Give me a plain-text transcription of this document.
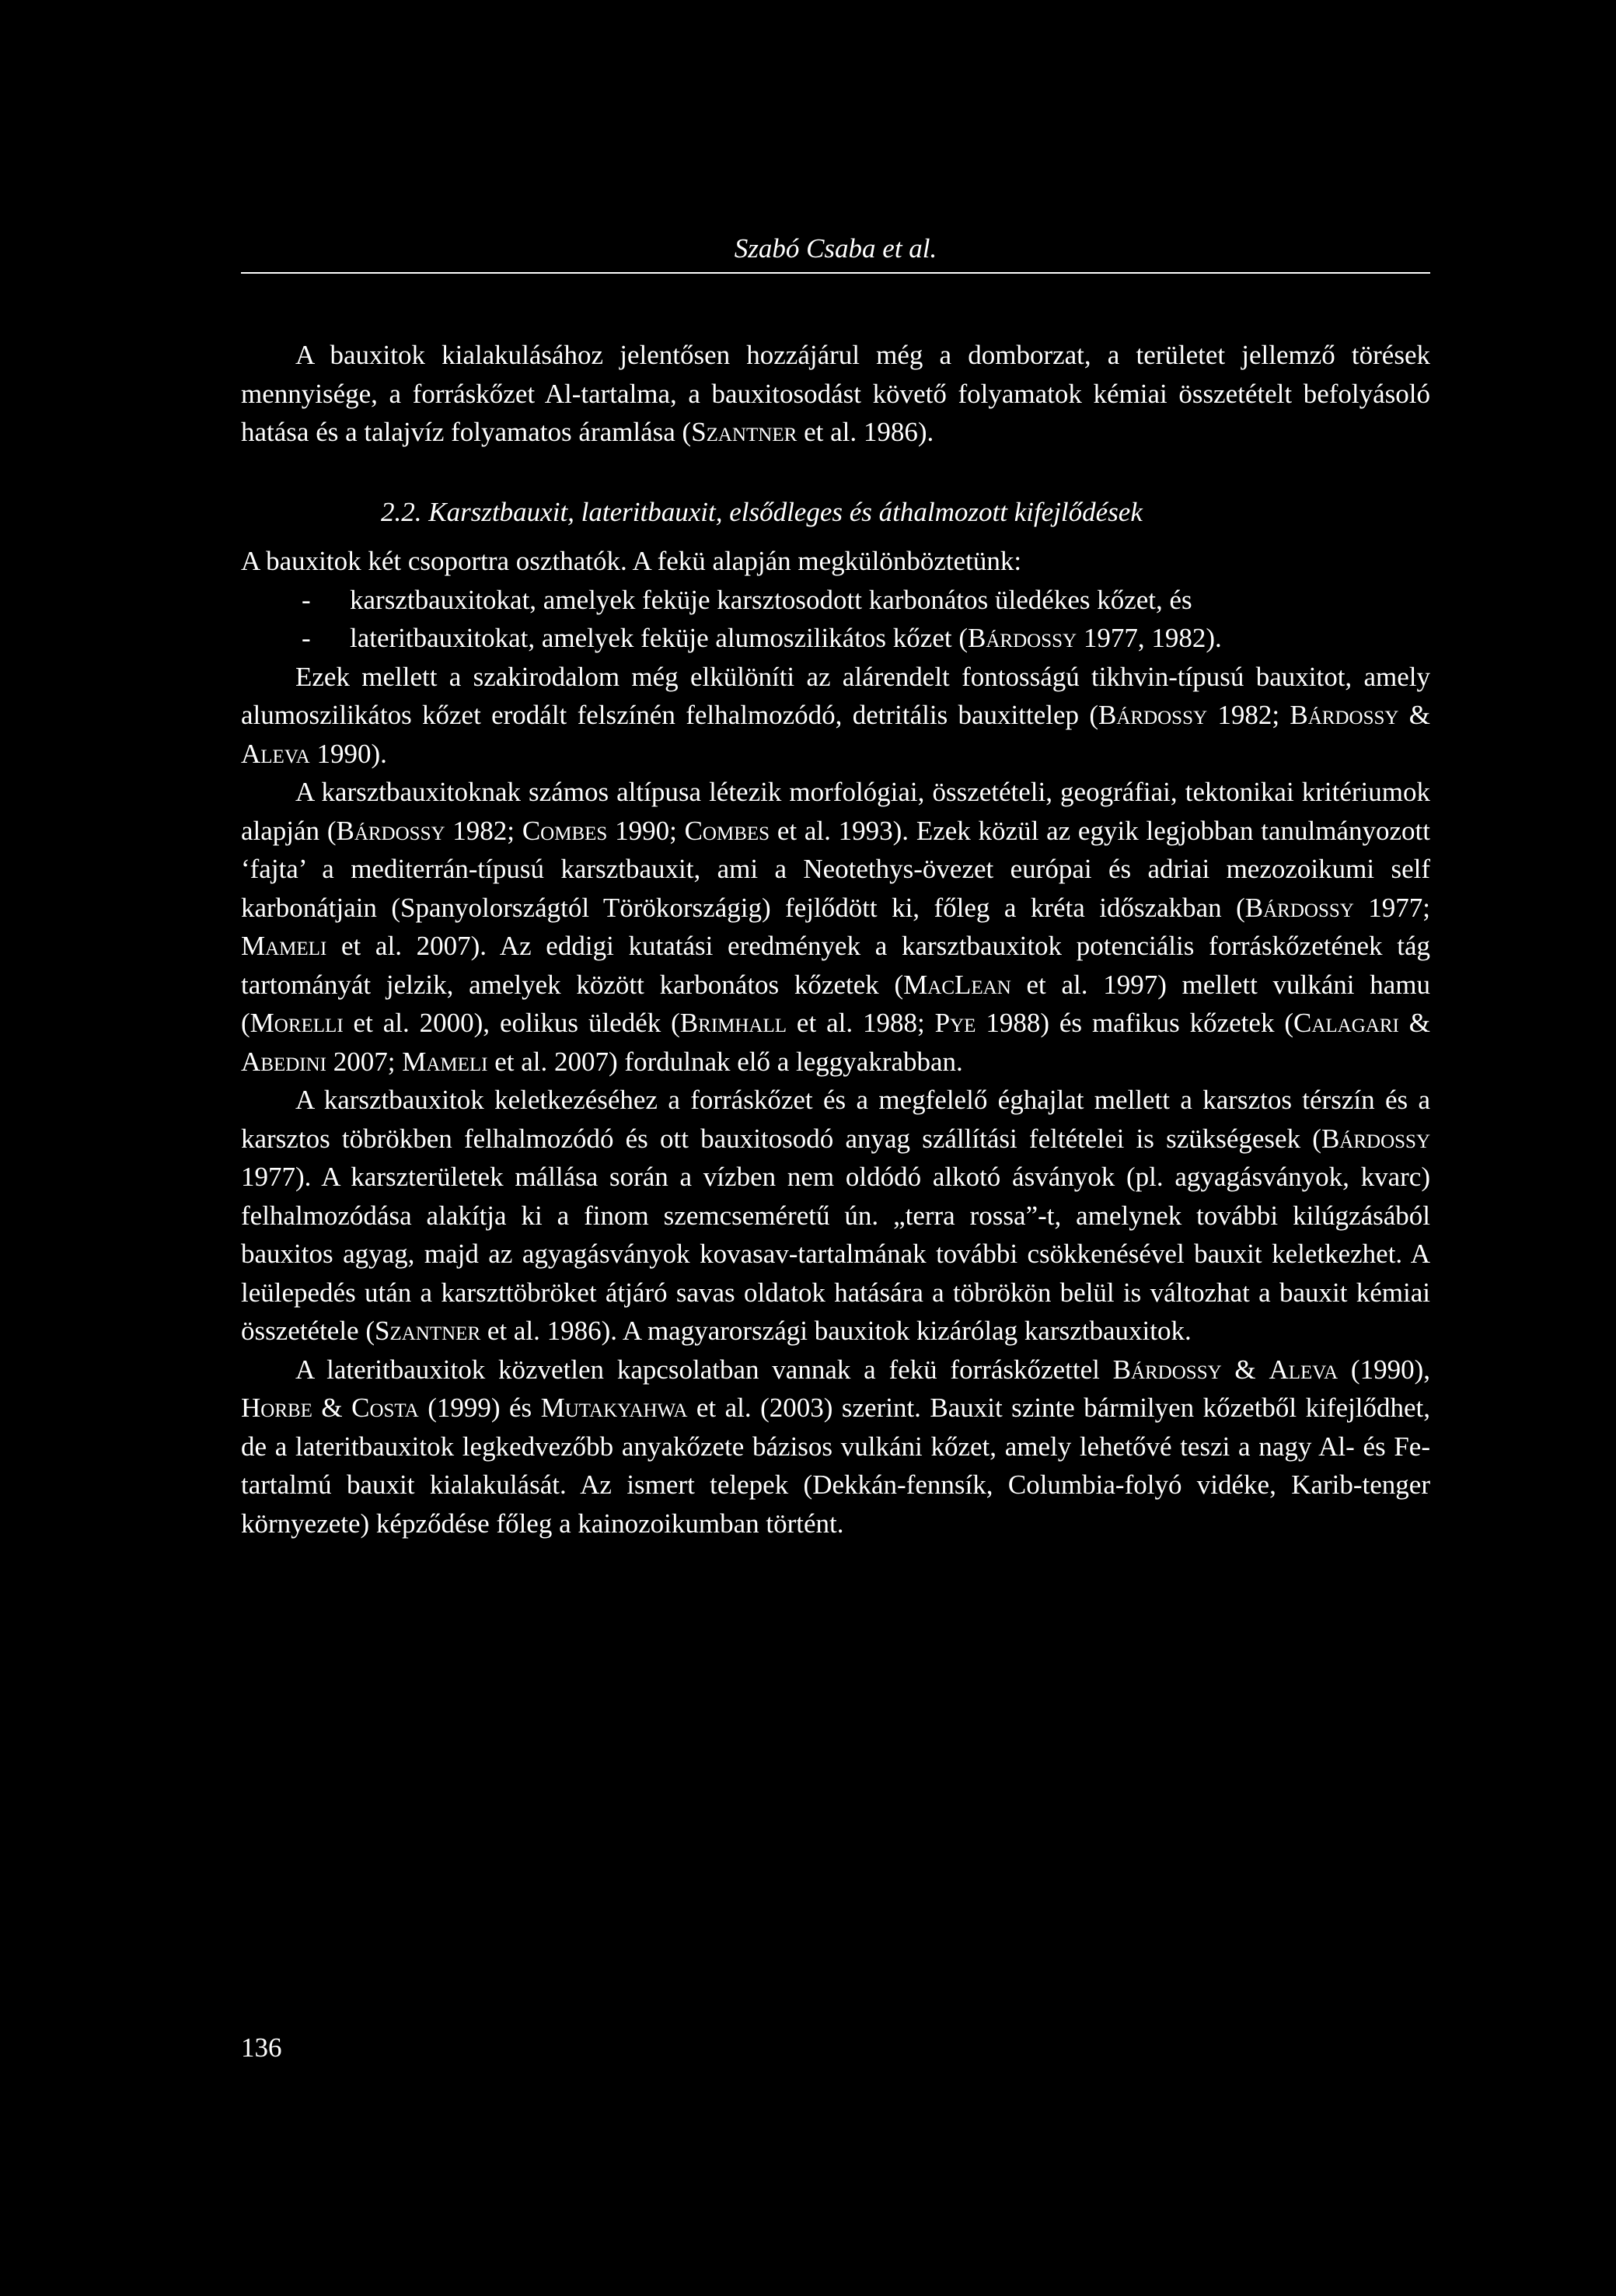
Szabó Csaba et al.

A bauxitok kialakulásához jelentősen hozzájárul még a domborzat, a területet jellemző törések mennyisége, a forráskőzet Al-tartalma, a bauxitosodást követő folyamatok kémiai összetételt befolyásoló hatása és a talajvíz folyamatos áramlása (Szantner et al. 1986).

2.2. Karsztbauxit, lateritbauxit, elsődleges és áthalmozott kifejlődések

A bauxitok két csoportra oszthatók. A fekü alapján megkülönböztetünk:

- karsztbauxitokat, amelyek feküje karsztosodott karbonátos üledékes kőzet, és
- lateritbauxitokat, amelyek feküje alumoszilikátos kőzet (Bárdossy 1977, 1982).

Ezek mellett a szakirodalom még elkülöníti az alárendelt fontosságú tikhvin-típusú bauxitot, amely alumoszilikátos kőzet erodált felszínén felhalmozódó, detritális bauxittelep (Bárdossy 1982; Bárdossy & Aleva 1990).

A karsztbauxitoknak számos altípusa létezik morfológiai, összetételi, geográfiai, tektonikai kritériumok alapján (Bárdossy 1982; Combes 1990; Combes et al. 1993). Ezek közül az egyik legjobban tanulmányozott ‘fajta’ a mediterrán-típusú karsztbauxit, ami a Neotethys-övezet európai és adriai mezozoikumi self karbonátjain (Spanyolországtól Törökországig) fejlődött ki, főleg a kréta időszakban (Bárdossy 1977; Mameli et al. 2007). Az eddigi kutatási eredmények a karsztbauxitok potenciális forráskőzetének tág tartományát jelzik, amelyek között karbonátos kőzetek (MacLean et al. 1997) mellett vulkáni hamu (Morelli et al. 2000), eolikus üledék (Brimhall et al. 1988; Pye 1988) és mafikus kőzetek (Calagari & Abedini 2007; Mameli et al. 2007) fordulnak elő a leggyakrabban.

A karsztbauxitok keletkezéséhez a forráskőzet és a megfelelő éghajlat mellett a karsztos térszín és a karsztos töbrökben felhalmozódó és ott bauxitosodó anyag szállítási feltételei is szükségesek (Bárdossy 1977). A karszterületek mállása során a vízben nem oldódó alkotó ásványok (pl. agyagásványok, kvarc) felhalmozódása alakítja ki a finom szemcseméretű ún. „terra rossa”-t, amelynek további kilúgzásából bauxitos agyag, majd az agyagásványok kovasav-tartalmának további csökkenésével bauxit keletkezhet. A leülepedés után a karszttöbröket átjáró savas oldatok hatására a töbrökön belül is változhat a bauxit kémiai összetétele (Szantner et al. 1986). A magyarországi bauxitok kizárólag karsztbauxitok.

A lateritbauxitok közvetlen kapcsolatban vannak a fekü forráskőzettel Bárdossy & Aleva (1990), Horbe & Costa (1999) és Mutakyahwa et al. (2003) szerint. Bauxit szinte bármilyen kőzetből kifejlődhet, de a lateritbauxitok legkedvezőbb anyakőzete bázisos vulkáni kőzet, amely lehetővé teszi a nagy Al- és Fe-tartalmú bauxit kialakulását. Az ismert telepek (Dekkán-fennsík, Columbia-folyó vidéke, Karib-tenger környezete) képződése főleg a kainozoikumban történt.

136
